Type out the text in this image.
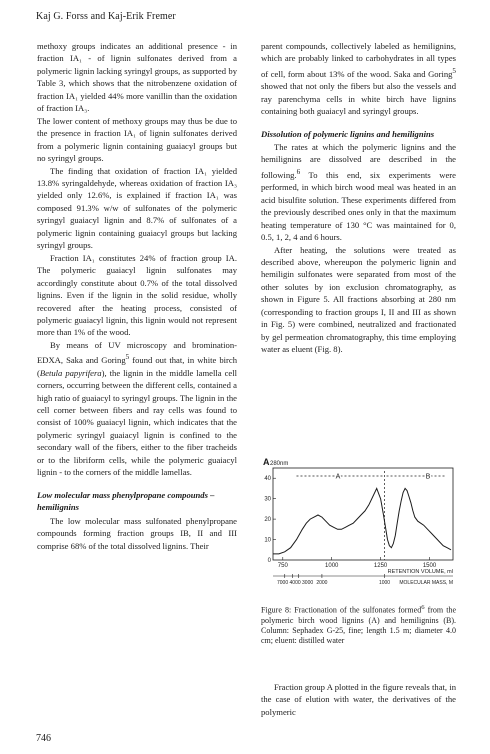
Kaj G. Forss and Kaj-Erik Fremer

methoxy groups indicates an additional presence - in fraction IA₁ - of lignin sulfonates derived from a polymeric lignin lacking syringyl groups, as supported by Table 3, which shows that the nitrobenzene oxidation of fraction IA₁ yielded 44% more vanillin than the oxidation of fraction IA₃.

The lower content of methoxy groups may thus be due to the presence in fraction IA₁ of lignin sulfonates derived from a polymeric lignin containing guaiacyl groups but no syringyl groups.

The finding that oxidation of fraction IA₁ yielded 13.8% syringaldehyde, whereas oxidation of fraction IA₃ yielded only 12.6%, is explained if fraction IA₁ was composed 91.3% w/w of sulfonates of the polymeric syringyl guaiacyl lignin and 8.7% of sulfonates of a polymeric lignin containing guaiacyl groups but lacking syringyl groups.

Fraction IA₁ constitutes 24% of fraction group IA. The polymeric guaiacyl lignin sulfonates may accordingly constitute about 0.7% of the total dissolved lignins. Even if the lignin in the solid residue, wholly recovered after the heating process, consisted of polymeric guaiacyl lignin, this lignin would not represent more than 1% of the wood.

By means of UV microscopy and bromination-EDXA, Saka and Goring$^5$ found out that, in white birch (Betula papyrifera), the lignin in the middle lamella cell corners, occurring between the different cells, contained a high ratio of guaiacyl to syringyl groups. The lignin in the cell corner between fibers and ray cells was found to consist of 100% guaiacyl lignin, which indicates that the polymeric syringyl guaiacyl lignin is confined to the secondary wall of the fibers, either to the fiber tracheids or to the libriform cells, while the polymeric guaiacyl lignin - to the corners of the middle lamellas.

Low molecular mass phenylpropane compounds – hemilignins

The low molecular mass sulfonated phenylpropane compounds forming fraction groups IB, II and III comprise 68% of the total dissolved lignins. Their

parent compounds, collectively labeled as hemilignins, which are probably linked to carbohydrates in all types of cell, form about 13% of the wood. Saka and Goring$^5$ showed that not only the fibers but also the vessels and ray parenchyma cells in white birch have lignins containing both guaiacyl and syringyl groups.

Dissolution of polymeric lignins and hemilignins

The rates at which the polymeric lignins and the hemilignins are dissolved are described in the following.$^6$ To this end, six experiments were performed, in which birch wood meal was heated in an acid bisulfite solution. These experiments differed from the previously described ones only in that the maximum heating temperature of 130 °C was maintained for 0, 0.5, 1, 2, 4 and 6 hours.

After heating, the solutions were treated as described above, whereupon the polymeric lignin and hemiligin sulfonates were separated from most of the other solutes by ion exclusion chromatography, as shown in Figure 5. All fractions absorbing at 280 nm (corresponding to fraction groups I, II and III as shown in Fig. 5) were combined, neutralized and fractionated by gel permeation chromatography, this time employing water as eluent (Fig. 8).

A 280nm
A	B
0
10
20
30
40
750	1000	1250	1500
RETENTION VOLUME, ml
7000 4000 3000 2000	1000 MOLECULAR MASS, M
Figure 8: Fractionation of the sulfonates formed$^6$ from the polymeric birch wood lignins (A) and hemilignins (B). Column: Sephadex G-25, fine; length 1.5 m; diameter 4.0 cm; eluent: distilled water

Fraction group A plotted in the figure reveals that, in the case of elution with water, the derivatives of the polymeric

746
